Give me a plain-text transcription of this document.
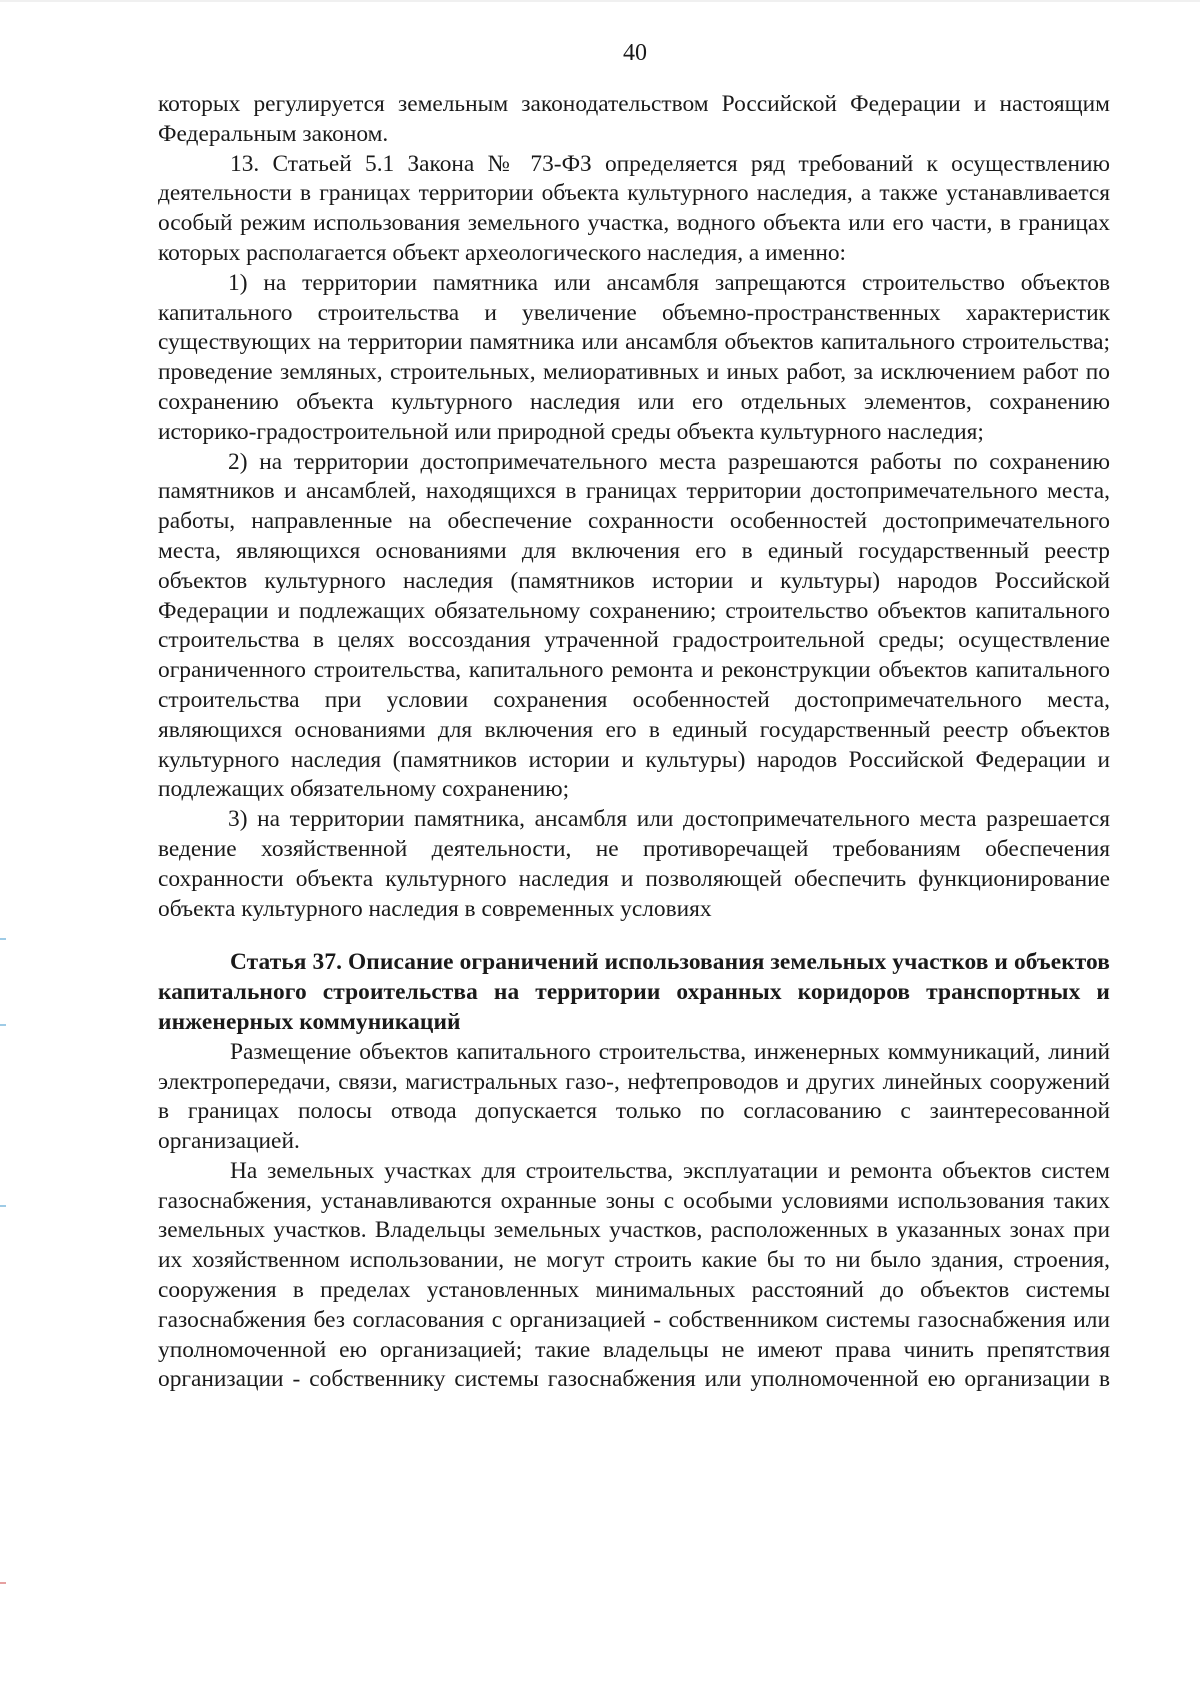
40

которых регулируется земельным законодательством Российской Федерации и настоящим Федеральным законом.

13. Статьей 5.1 Закона № 73-ФЗ определяется ряд требований к осуществлению деятельности в границах территории объекта культурного наследия, а также устанавливается особый режим использования земельного участка, водного объекта или его части, в границах которых располагается объект археологического наследия, а именно:

1) на территории памятника или ансамбля запрещаются строительство объектов капитального строительства и увеличение объемно-пространственных характеристик существующих на территории памятника или ансамбля объектов капитального строительства; проведение земляных, строительных, мелиоративных и иных работ, за исключением работ по сохранению объекта культурного наследия или его отдельных элементов, сохранению историко-градостроительной или природной среды объекта культурного наследия;

2) на территории достопримечательного места разрешаются работы по сохранению памятников и ансамблей, находящихся в границах территории достопримечательного места, работы, направленные на обеспечение сохранности особенностей достопримечательного места, являющихся основаниями для включения его в единый государственный реестр объектов культурного наследия (памятников истории и культуры) народов Российской Федерации и подлежащих обязательному сохранению; строительство объектов капитального строительства в целях воссоздания утраченной градостроительной среды; осуществление ограниченного строительства, капитального ремонта и реконструкции объектов капитального строительства при условии сохранения особенностей достопримечательного места, являющихся основаниями для включения его в единый государственный реестр объектов культурного наследия (памятников истории и культуры) народов Российской Федерации и подлежащих обязательному сохранению;

3) на территории памятника, ансамбля или достопримечательного места разрешается ведение хозяйственной деятельности, не противоречащей требованиям обеспечения сохранности объекта культурного наследия и позволяющей обеспечить функционирование объекта культурного наследия в современных условиях

Статья 37. Описание ограничений использования земельных участков и объектов капитального строительства на территории охранных коридоров транспортных и инженерных коммуникаций

Размещение объектов капитального строительства, инженерных коммуникаций, линий электропередачи, связи, магистральных газо-, нефтепроводов и других линейных сооружений в границах полосы отвода допускается только по согласованию с заинтересованной организацией.

На земельных участках для строительства, эксплуатации и ремонта объектов систем газоснабжения, устанавливаются охранные зоны с особыми условиями использования таких земельных участков. Владельцы земельных участков, расположенных в указанных зонах при их хозяйственном использовании, не могут строить какие бы то ни было здания, строения, сооружения в пределах установленных минимальных расстояний до объектов системы газоснабжения без согласования с организацией - собственником системы газоснабжения или уполномоченной ею организацией; такие владельцы не имеют права чинить препятствия организации - собственнику системы газоснабжения или уполномоченной ею организации в
